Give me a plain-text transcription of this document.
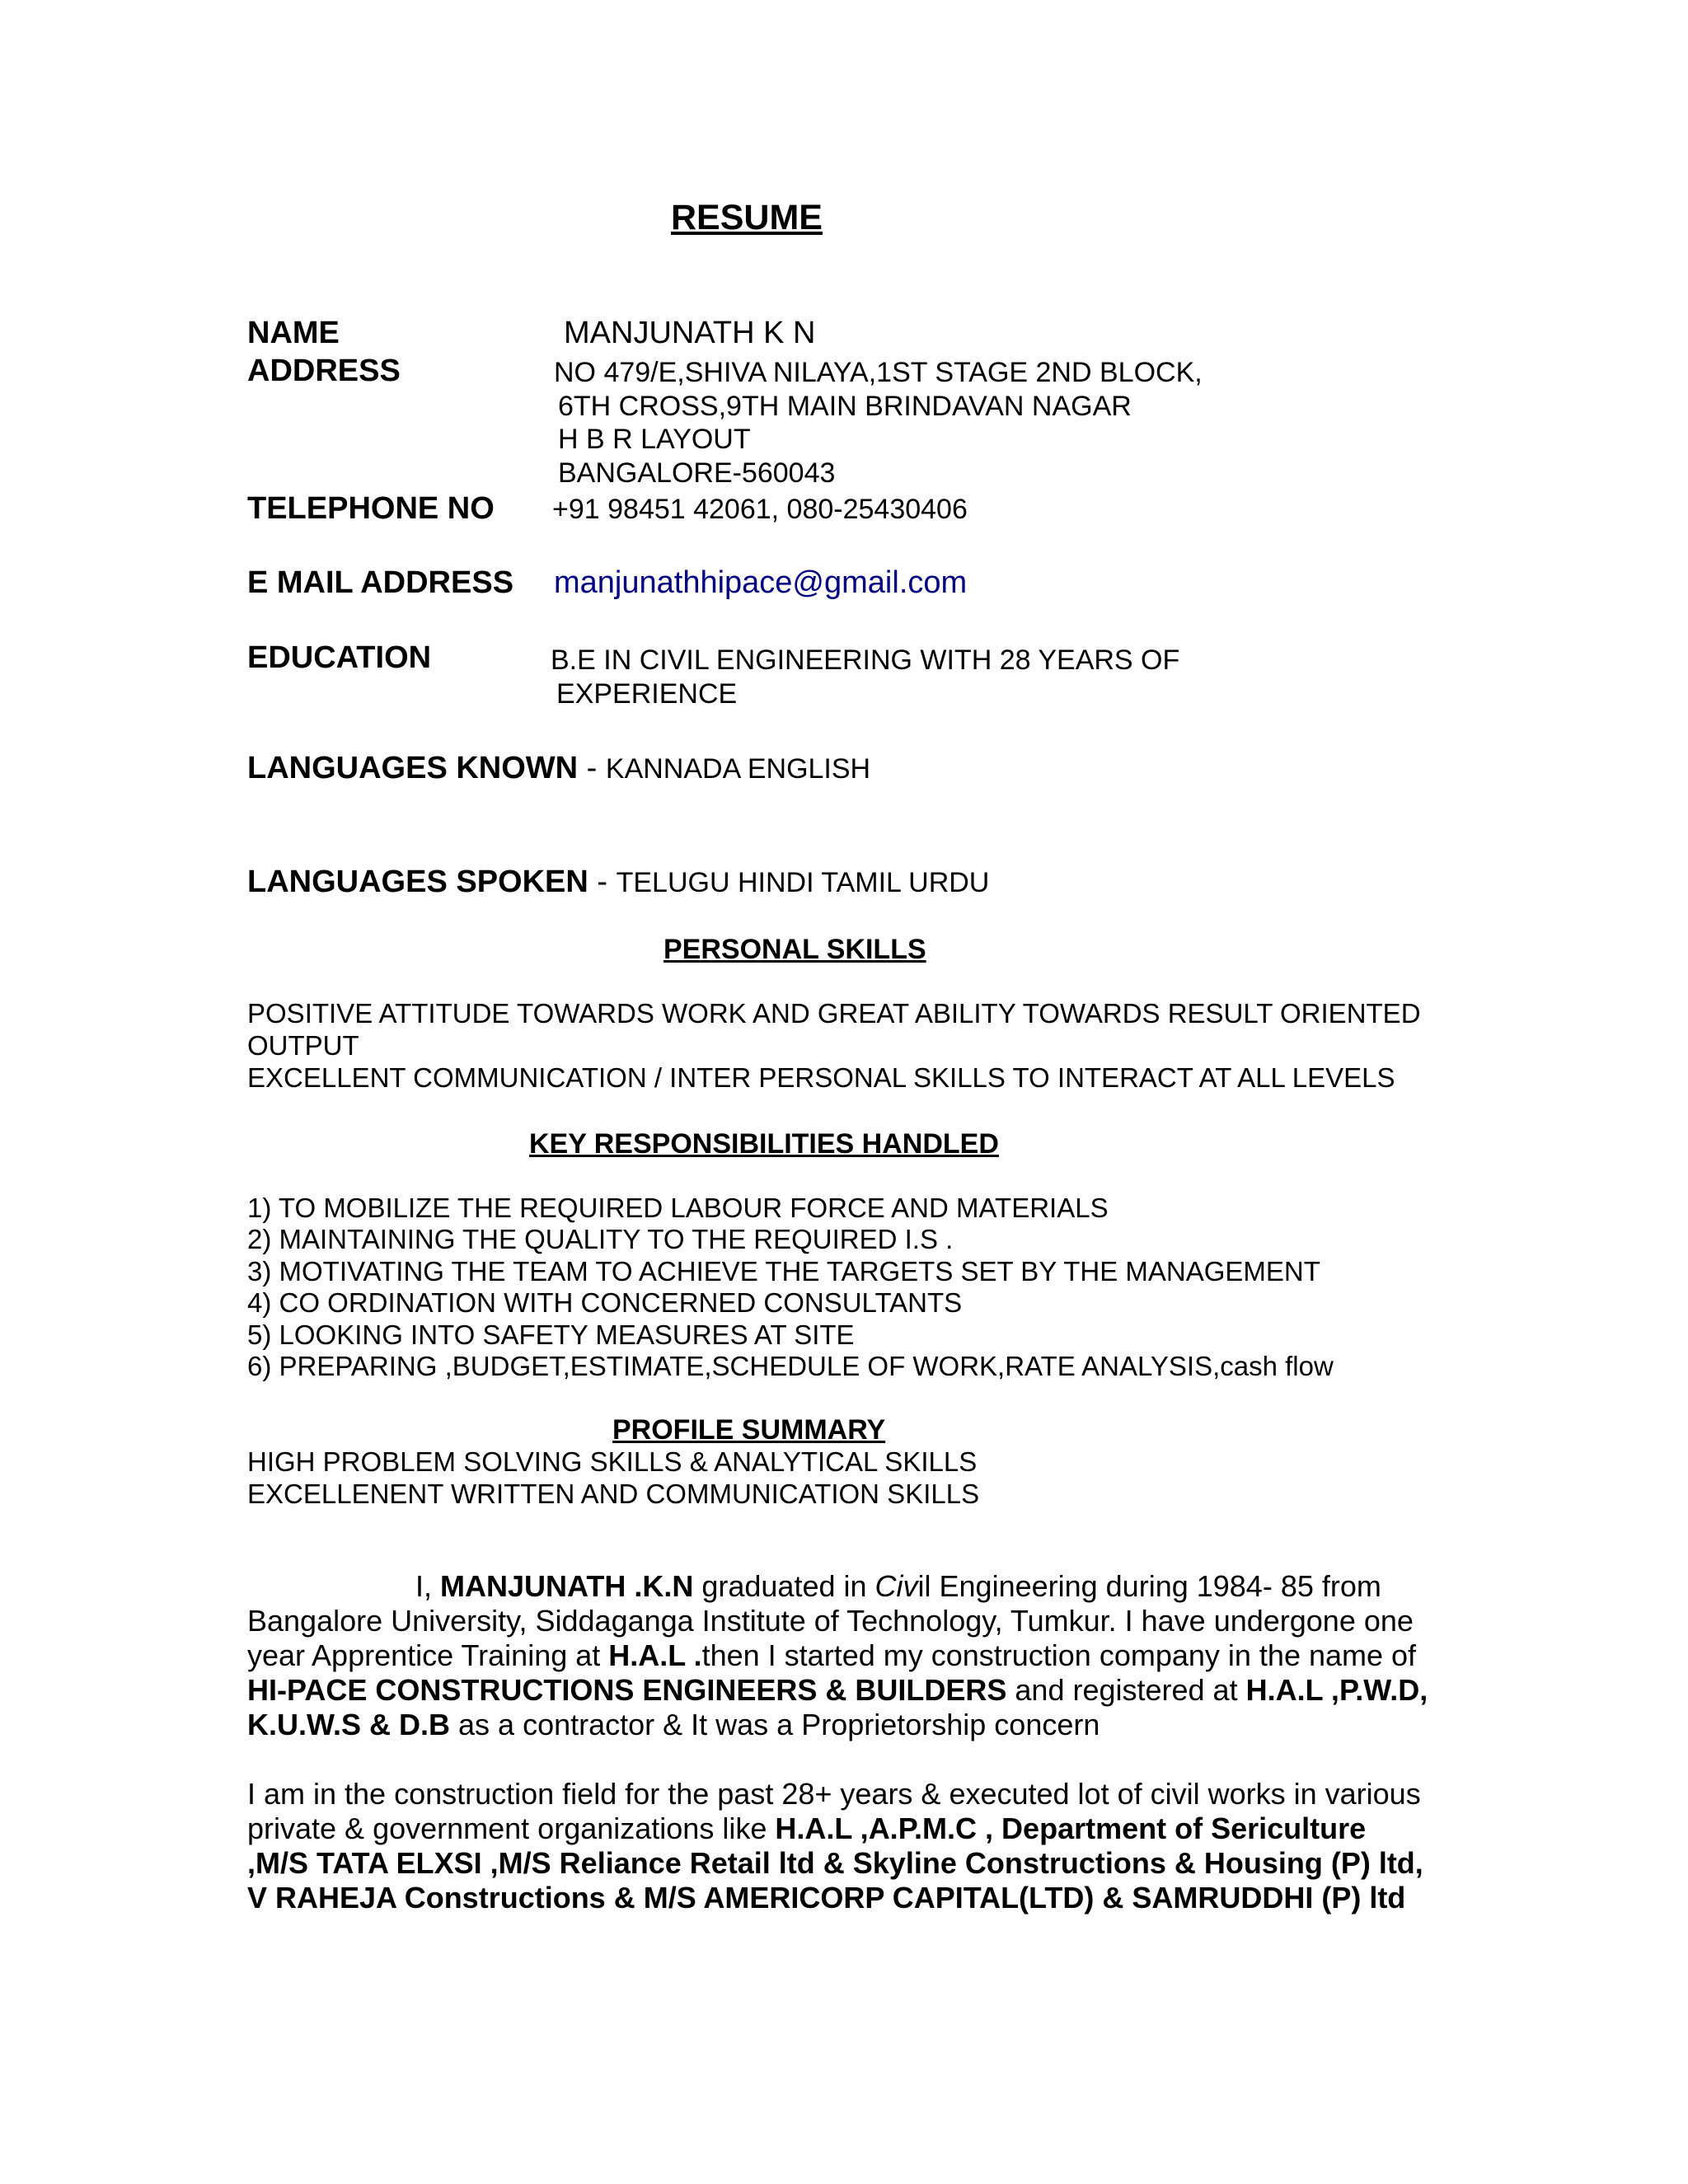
RESUME
NAME	MANJUNATH K N
ADDRESS	NO 479/E,SHIVA NILAYA,1ST STAGE 2ND BLOCK,
6TH CROSS,9TH MAIN BRINDAVAN NAGAR
H B R LAYOUT
BANGALORE-560043
TELEPHONE NO +91 98451 42061, 080-25430406
E MAIL ADDRESS manjunathhipace@gmail.com
EDUCATION	B.E IN CIVIL ENGINEERING WITH 28 YEARS OF
EXPERIENCE
LANGUAGES KNOWN - KANNADA ENGLISH
LANGUAGES SPOKEN - TELUGU HINDI TAMIL URDU
PERSONAL SKILLS
POSITIVE ATTITUDE TOWARDS WORK AND GREAT ABILITY TOWARDS RESULT ORIENTED
OUTPUT
EXCELLENT COMMUNICATION / INTER PERSONAL SKILLS TO INTERACT AT ALL LEVELS
KEY RESPONSIBILITIES HANDLED
1) TO MOBILIZE THE REQUIRED LABOUR FORCE AND MATERIALS
2) MAINTAINING THE QUALITY TO THE REQUIRED I.S .
3) MOTIVATING THE TEAM TO ACHIEVE THE TARGETS SET BY THE MANAGEMENT
4) CO ORDINATION WITH CONCERNED CONSULTANTS
5) LOOKING INTO SAFETY MEASURES AT SITE
6) PREPARING ,BUDGET,ESTIMATE,SCHEDULE OF WORK,RATE ANALYSIS,cash flow
PROFILE SUMMARY
HIGH PROBLEM SOLVING SKILLS & ANALYTICAL SKILLS
EXCELLENENT WRITTEN AND COMMUNICATION SKILLS
I, MANJUNATH .K.N graduated in Civil Engineering during 1984- 85 from Bangalore University, Siddaganga Institute of Technology, Tumkur. I have undergone one year Apprentice Training at H.A.L .then I started my construction company in the name of HI-PACE CONSTRUCTIONS ENGINEERS & BUILDERS and registered at H.A.L ,P.W.D, K.U.W.S & D.B as a contractor & It was a Proprietorship concern
I am in the construction field for the past 28+ years & executed lot of civil works in various private & government organizations like H.A.L ,A.P.M.C , Department of Sericulture ,M/S TATA ELXSI ,M/S Reliance Retail ltd & Skyline Constructions & Housing (P) ltd, V RAHEJA Constructions & M/S AMERICORP CAPITAL(LTD) & SAMRUDDHI (P) ltd
